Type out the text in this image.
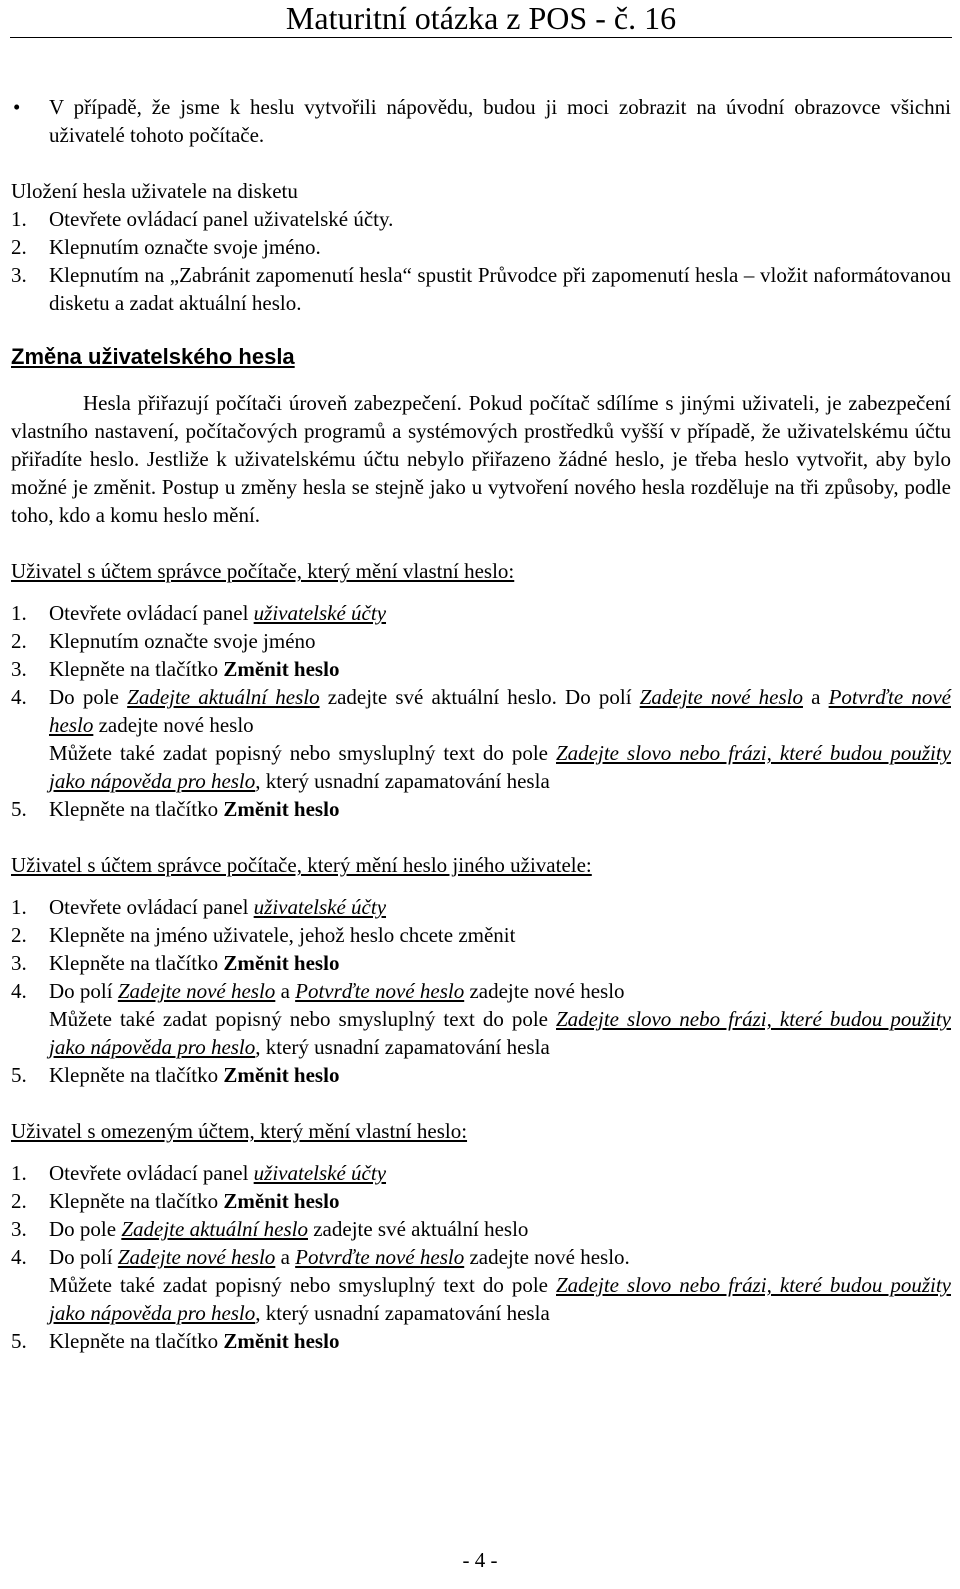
Maturitní otázka z POS - č. 16
• V případě, že jsme k heslu vytvořili nápovědu, budou ji moci zobrazit na úvodní obrazovce všichni uživatelé tohoto počítače.
Uložení hesla uživatele na disketu
1. Otevřete ovládací panel uživatelské účty.
2. Klepnutím označte svoje jméno.
3. Klepnutím na „Zabránit zapomenutí hesla“ spustit Průvodce při zapomenutí hesla – vložit naformátovanou disketu a zadat aktuální heslo.
Změna uživatelského hesla
Hesla přiřazují počítači úroveň zabezpečení. Pokud počítač sdílíme s jinými uživateli, je zabezpečení vlastního nastavení, počítačových programů a systémových prostředků vyšší v případě, že uživatelskému účtu přiřadíte heslo. Jestliže k uživatelskému účtu nebylo přiřazeno žádné heslo, je třeba heslo vytvořit, aby bylo možné je změnit. Postup u změny hesla se stejně jako u vytvoření nového hesla rozděluje na tři způsoby, podle toho, kdo a komu heslo mění.
Uživatel s účtem správce počítače, který mění vlastní heslo:
1. Otevřete ovládací panel uživatelské účty
2. Klepnutím označte svoje jméno
3. Klepněte na tlačítko Změnit heslo
4. Do pole Zadejte aktuální heslo zadejte své aktuální heslo. Do polí Zadejte nové heslo a Potvrďte nové heslo zadejte nové heslo
Můžete také zadat popisný nebo smysluplný text do pole Zadejte slovo nebo frázi, které budou použity jako nápověda pro heslo, který usnadní zapamatování hesla
5. Klepněte na tlačítko Změnit heslo
Uživatel s účtem správce počítače, který mění heslo jiného uživatele:
1. Otevřete ovládací panel uživatelské účty
2. Klepněte na jméno uživatele, jehož heslo chcete změnit
3. Klepněte na tlačítko Změnit heslo
4. Do polí Zadejte nové heslo a Potvrďte nové heslo zadejte nové heslo
Můžete také zadat popisný nebo smysluplný text do pole Zadejte slovo nebo frázi, které budou použity jako nápověda pro heslo, který usnadní zapamatování hesla
5. Klepněte na tlačítko Změnit heslo
Uživatel s omezeným účtem, který mění vlastní heslo:
1. Otevřete ovládací panel uživatelské účty
2. Klepněte na tlačítko Změnit heslo
3. Do pole Zadejte aktuální heslo zadejte své aktuální heslo
4. Do polí Zadejte nové heslo a Potvrďte nové heslo zadejte nové heslo.
Můžete také zadat popisný nebo smysluplný text do pole Zadejte slovo nebo frázi, které budou použity jako nápověda pro heslo, který usnadní zapamatování hesla
5. Klepněte na tlačítko Změnit heslo
- 4 -
